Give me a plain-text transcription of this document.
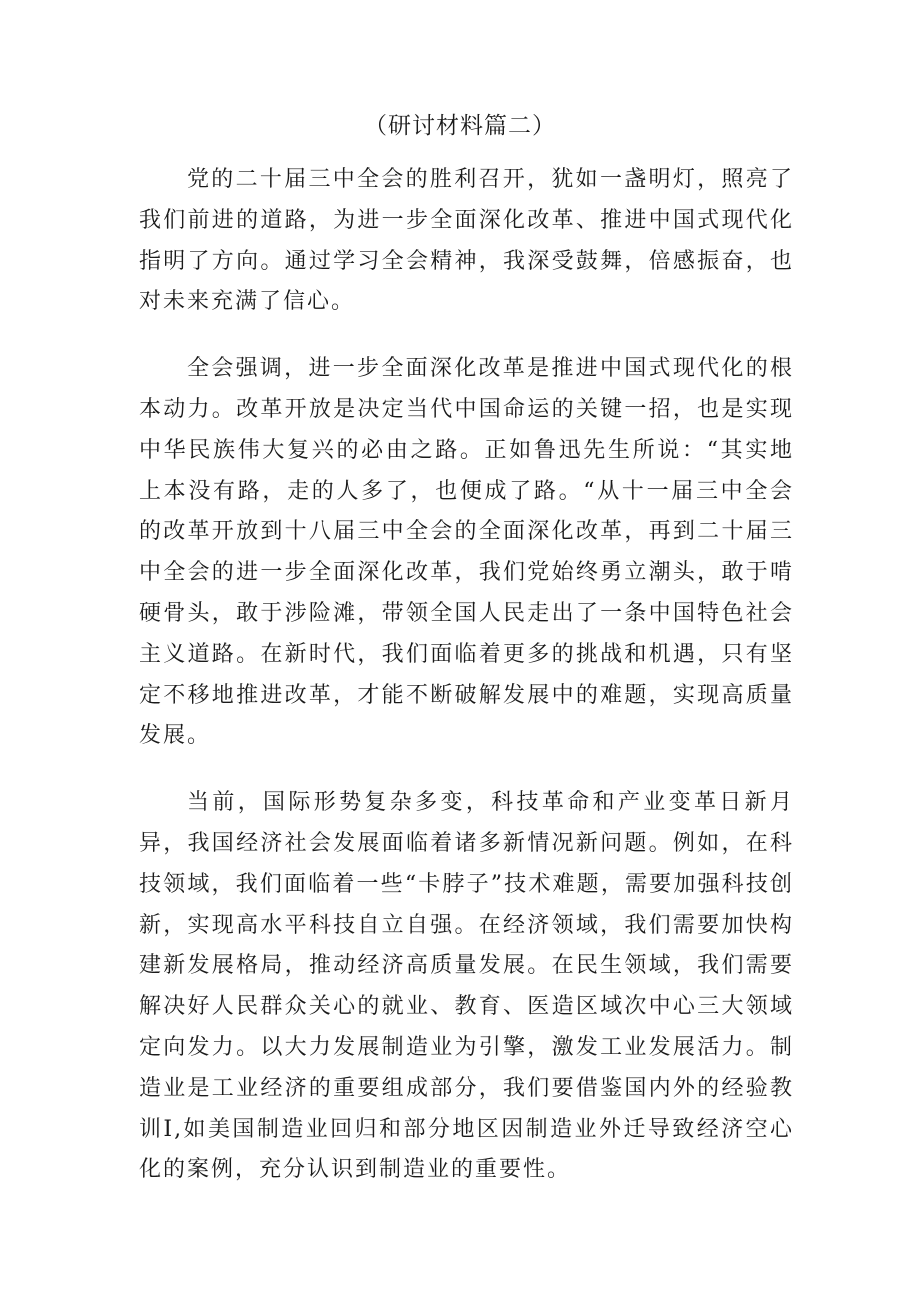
（研讨材料篇二）

党的二十届三中全会的胜利召开，犹如一盏明灯，照亮了我们前进的道路，为进一步全面深化改革、推进中国式现代化指明了方向。通过学习全会精神，我深受鼓舞，倍感振奋，也对未来充满了信心。

全会强调，进一步全面深化改革是推进中国式现代化的根本动力。改革开放是决定当代中国命运的关键一招，也是实现中华民族伟大复兴的必由之路。正如鲁迅先生所说：“其实地上本没有路，走的人多了，也便成了路。“从十一届三中全会的改革开放到十八届三中全会的全面深化改革，再到二十届三中全会的进一步全面深化改革，我们党始终勇立潮头，敢于啃硬骨头，敢于涉险滩，带领全国人民走出了一条中国特色社会主义道路。在新时代，我们面临着更多的挑战和机遇，只有坚定不移地推进改革，才能不断破解发展中的难题，实现高质量发展。

当前，国际形势复杂多变，科技革命和产业变革日新月异，我国经济社会发展面临着诸多新情况新问题。例如，在科技领域，我们面临着一些“卡脖子”技术难题，需要加强科技创新，实现高水平科技自立自强。在经济领域，我们需要加快构建新发展格局，推动经济高质量发展。在民生领域，我们需要解决好人民群众关心的就业、教育、医造区域次中心三大领域定向发力。以大力发展制造业为引擎，激发工业发展活力。制造业是工业经济的重要组成部分，我们要借鉴国内外的经验教训I,如美国制造业回归和部分地区因制造业外迁导致经济空心化的案例，充分认识到制造业的重要性。
